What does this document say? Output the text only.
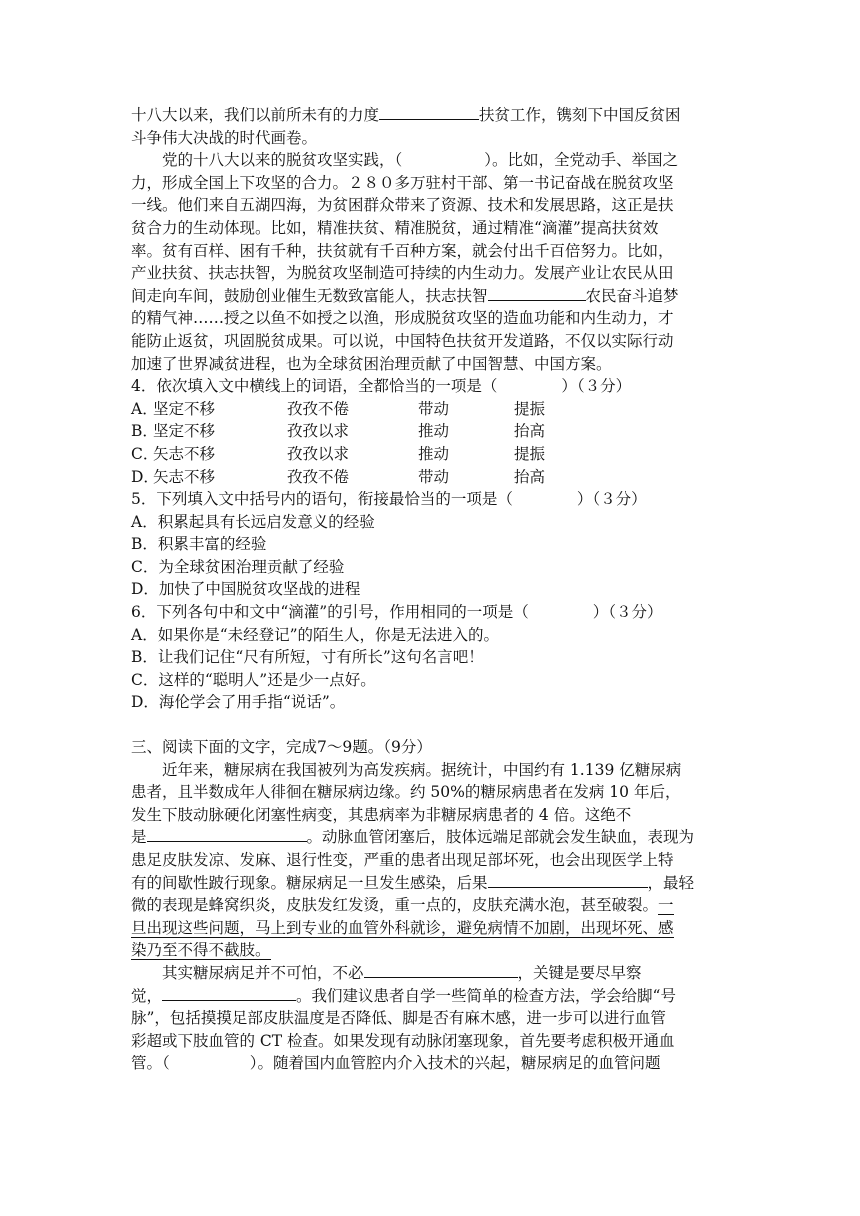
十八大以来，我们以前所未有的力度	扶贫工作，镌刻下中国反贫困
斗争伟大决战的时代画卷。
党的十八大以来的脱贫攻坚实践，（	）。比如，全党动手、举国之
力，形成全国上下攻坚的合力。２８０多万驻村干部、第一书记奋战在脱贫攻坚
一线。他们来自五湖四海，为贫困群众带来了资源、技术和发展思路，这正是扶
贫合力的生动体现。比如，精准扶贫、精准脱贫，通过精准“滴灌”提高扶贫效
率。贫有百样、困有千种，扶贫就有千百种方案，就会付出千百倍努力。比如，
产业扶贫、扶志扶智，为脱贫攻坚制造可持续的内生动力。发展产业让农民从田
间走向车间，鼓励创业催生无数致富能人，扶志扶智	农民奋斗追梦
的精气神……授之以鱼不如授之以渔，形成脱贫攻坚的造血功能和内生动力，才
能防止返贫，巩固脱贫成果。可以说，中国特色扶贫开发道路，不仅以实际行动
加速了世界减贫进程，也为全球贫困治理贡献了中国智慧、中国方案。
4．依次填入文中横线上的词语，全都恰当的一项是（	）（３分）
A．
坚定不移	孜孜不倦	带动	提振
B．
坚定不移	孜孜以求	推动	抬高
C．
矢志不移	孜孜以求	推动	提振
D．
矢志不移	孜孜不倦	带动	抬高
5．下列填入文中括号内的语句，衔接最恰当的一项是（	）（３分）
A．积累起具有长远启发意义的经验
B．积累丰富的经验
C．为全球贫困治理贡献了经验
D．加快了中国脱贫攻坚战的进程
6．下列各句中和文中“滴灌”的引号，作用相同的一项是（	）（３分）
A．如果你是“未经登记”的陌生人，你是无法进入的。
B．让我们记住“尺有所短，寸有所长”这句名言吧！
C．这样的“聪明人”还是少一点好。
D．海伦学会了用手指“说话”。
三、阅读下面的文字，完成7～9题。（9分）
近年来，糖尿病在我国被列为高发疾病。据统计，中国约有 1.139 亿糖尿病
患者，且半数成年人徘徊在糖尿病边缘。约 50%的糖尿病患者在发病 10 年后，
发生下肢动脉硬化闭塞性病变，其患病率为非糖尿病患者的 4 倍。这绝不
是	。动脉血管闭塞后，肢体远端足部就会发生缺血，表现为
患足皮肤发凉、发麻、退行性变，严重的患者出现足部坏死，也会出现医学上特
有的间歇性跛行现象。糖尿病足一旦发生感染，后果	，最轻
微的表现是蜂窝织炎，皮肤发红发烫，重一点的，皮肤充满水泡，甚至破裂。一
旦出现这些问题，马上到专业的血管外科就诊，避免病情不加剧，出现坏死、感
染乃至不得不截肢。
其实糖尿病足并不可怕，不必	，关键是要尽早察
觉，	。我们建议患者自学一些简单的检查方法，学会给脚“号
脉”，包括摸摸足部皮肤温度是否降低、脚是否有麻木感，进一步可以进行血管
彩超或下肢血管的 CT 检查。如果发现有动脉闭塞现象，首先要考虑积极开通血
管。（	）。随着国内血管腔内介入技术的兴起，糖尿病足的血管问题
